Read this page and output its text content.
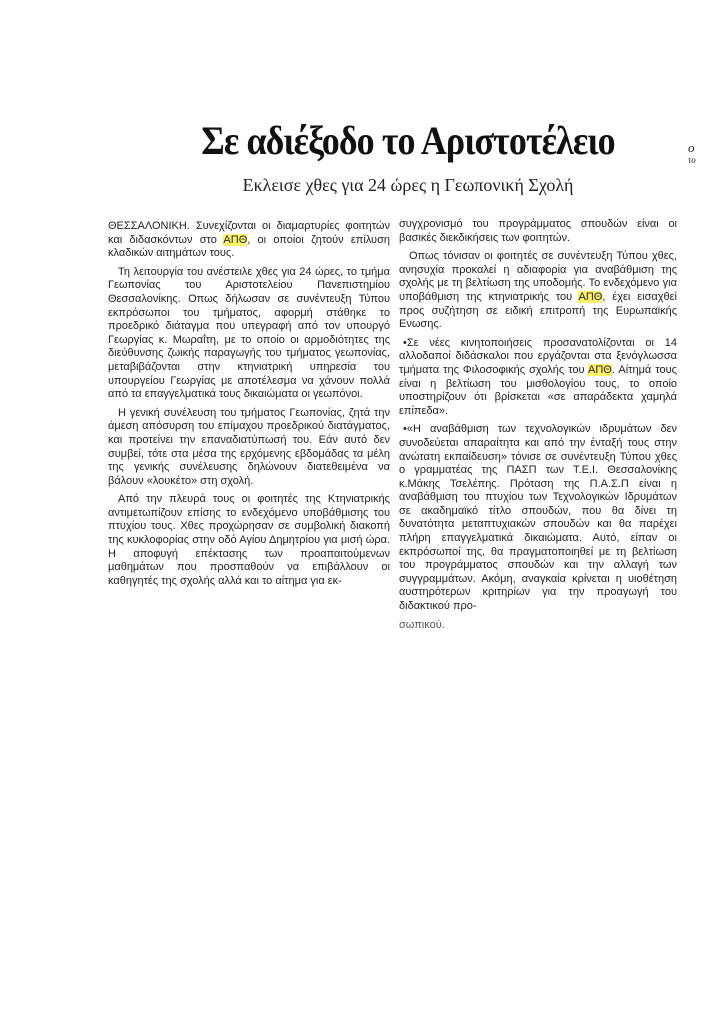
Σε αδιέξοδο το Αριστοτέλειο
Εκλεισε χθες για 24 ώρες η Γεωπονική Σχολή
ο
το

ΘΕΣΣΑΛΟΝΙΚΗ. Συνεχίζονται οι διαμαρτυρίες φοιτητών και διδασκόντων στο ΑΠΘ, οι οποίοι ζητούν επίλυση κλαδικών αιτημάτων τους.

Τη λειτουργία του ανέστειλε χθες για 24 ώρες, το τμήμα Γεωπονίας του Αριστοτελείου Πανεπιστημίου Θεσσαλονίκης. Οπως δήλωσαν σε συνέντευξη Τύπου εκπρόσωποι του τμήματος, αφορμή στάθηκε το προεδρικό διάταγμα που υπεγραφή από τον υπουργό Γεωργίας κ. Μωραΐτη, με το οποίο οι αρμοδιότητες της διεύθυνσης ζωικής παραγωγής του τμήματος γεωπονίας, μεταβιβάζονται στην κτηνιατρική υπηρεσία του υπουργείου Γεωργίας με αποτέλεσμα να χάνουν πολλά από τα επαγγελματικά τους δικαιώματα οι γεωπόνοι.

Η γενική συνέλευση του τμήματος Γεωπονίας, ζητά την άμεση απόσυρση του επίμαχου προεδρικού διατάγματος, και προτείνει την επαναδιατύπωσή του. Εάν αυτό δεν συμβεί, τότε στα μέσα της ερχόμενης εβδομάδας τα μέλη της γενικής συνέλευσης δηλώνουν διατεθειμένα να βάλουν «λουκέτο» στη σχολή.

Από την πλευρά τους οι φοιτητές της Κτηνιατρικής αντιμετωπίζουν επίσης το ενδεχόμενο υποβάθμισης του πτυχίου τους. Χθες προχώρησαν σε συμβολική διακοπή της κυκλοφορίας στην οδό Αγίου Δημητρίου για μισή ώρα. Η αποφυγή επέκτασης των προαπαιτούμενων μαθημάτων που προσπαθούν να επιβάλλουν οι καθηγητές της σχολής αλλά και το αίτημα για εκ-

συγχρονισμό του προγράμματος σπουδών είναι οι βασικές διεκδικήσεις των φοιτητών.

Οπως τόνισαν οι φοιτητές σε συνέντευξη Τύπου χθες, ανησυχία προκαλεί η αδιαφορία για αναβάθμιση της σχολής με τη βελτίωση της υποδομής. Το ενδεχόμενο για υποβάθμιση της κτηνιατρικής του ΑΠΘ, έχει εισαχθεί προς συζήτηση σε ειδική επιτροπή της Ευρωπαϊκής Ενωσης.

• Σε νέες κινητοποιήσεις προσανατολίζονται οι 14 αλλοδαποί διδάσκαλοι που εργάζονται στα ξενόγλωσσα τμήματα της Φιλοσοφικής σχολής του ΑΠΘ. Αίτημά τους είναι η βελτίωση του μισθολογίου τους, το οποίο υποστηρίζουν ότι βρίσκεται «σε απαράδεκτα χαμηλά επίπεδα».

• «Η αναβάθμιση των τεχνολογικών ιδρυμάτων δεν συνοδεύεται απαραίτητα και από την ένταξή τους στην ανώτατη εκπαίδευση» τόνισε σε συνέντευξη Τύπου χθες ο γραμματέας της ΠΑΣΠ των Τ.Ε.Ι. Θεσσαλονίκης κ.Μάκης Τσελέπης. Πρόταση της Π.Α.Σ.Π είναι η αναβάθμιση του πτυχίου των Τεχνολογικών Ιδρυμάτων σε ακαδημαϊκό τίτλο σπουδών, που θα δίνει τη δυνατότητα μεταπτυχιακών σπουδών και θα παρέχει πλήρη επαγγελματικά δικαιώματα. Αυτό, είπαν οι εκπρόσωποί της, θα πραγματοποιηθεί με τη βελτίωση του προγράμματος σπουδών και την αλλαγή των συγγραμμάτων. Ακόμη, αναγκαία κρίνεται η υιοθέτηση αυστηρότερων κριτηρίων για την προαγωγή του διδακτικού προ-

σωπικού.
